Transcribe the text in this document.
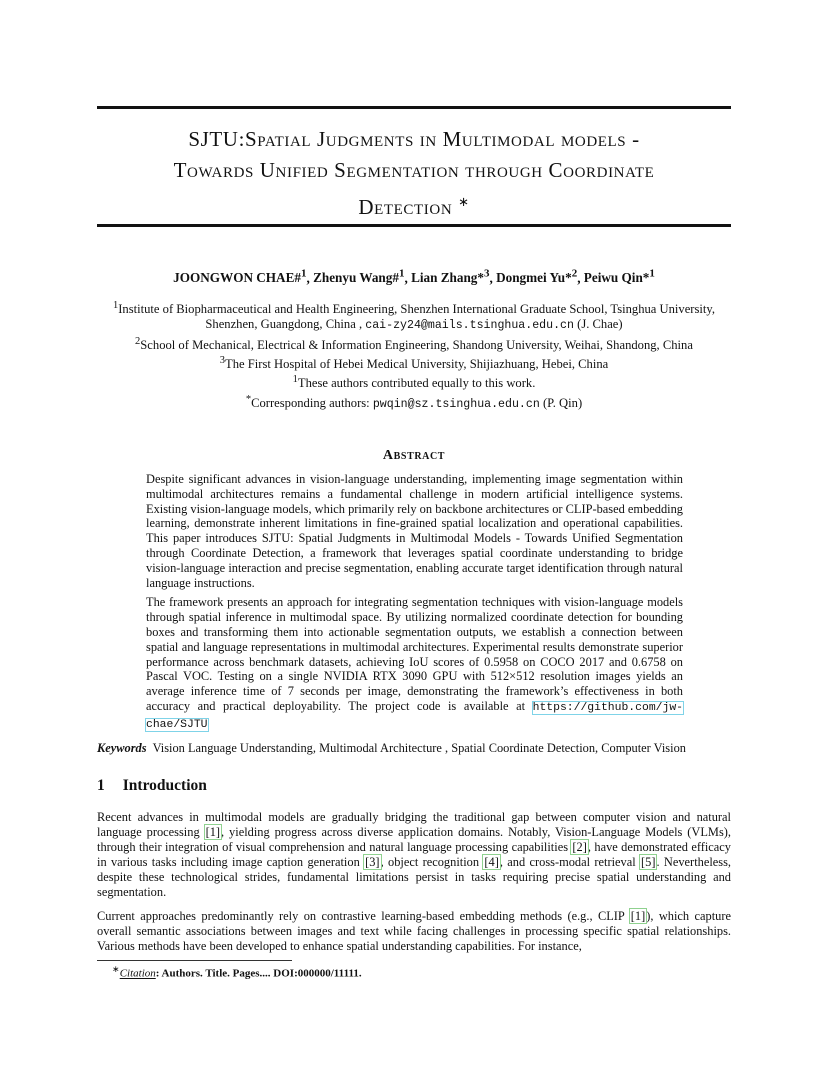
SJTU:Spatial Judgments in Multimodal models -
Towards Unified Segmentation through Coordinate
Detection ∗
JOONGWON CHAE#$^1$, Zhenyu Wang#$^1$, Lian Zhang*$^3$, Dongmei Yu*$^2$, Peiwu Qin*$^1$
$^1$Institute of Biopharmaceutical and Health Engineering, Shenzhen International Graduate School, Tsinghua University,
Shenzhen, Guangdong, China , cai-zy24@mails.tsinghua.edu.cn (J. Chae)
$^2$School of Mechanical, Electrical & Information Engineering, Shandong University, Weihai, Shandong, China
$^3$The First Hospital of Hebei Medical University, Shijiazhuang, Hebei, China
$^1$These authors contributed equally to this work.
*Corresponding authors: pwqin@sz.tsinghua.edu.cn (P. Qin)
Abstract

Despite significant advances in vision-language understanding, implementing image segmentation within multimodal architectures remains a fundamental challenge in modern artificial intelligence systems. Existing vision-language models, which primarily rely on backbone architectures or CLIP-based embedding learning, demonstrate inherent limitations in fine-grained spatial localization and operational capabilities. This paper introduces SJTU: Spatial Judgments in Multimodal Models - Towards Unified Segmentation through Coordinate Detection, a framework that leverages spatial coordinate understanding to bridge vision-language interaction and precise segmentation, enabling accurate target identification through natural language instructions.

The framework presents an approach for integrating segmentation techniques with vision-language models through spatial inference in multimodal space. By utilizing normalized coordinate detection for bounding boxes and transforming them into actionable segmentation outputs, we establish a connection between spatial and language representations in multimodal architectures. Experimental results demonstrate superior performance across benchmark datasets, achieving IoU scores of 0.5958 on COCO 2017 and 0.6758 on Pascal VOC. Testing on a single NVIDIA RTX 3090 GPU with 512×512 resolution images yields an average inference time of 7 seconds per image, demonstrating the framework’s effectiveness in both accuracy and practical deployability. The project code is available at https://github.com/jw-chae/SJTU

Keywords Vision Language Understanding, Multimodal Architecture , Spatial Coordinate Detection, Computer Vision
1 Introduction

Recent advances in multimodal models are gradually bridging the traditional gap between computer vision and natural language processing [1], yielding progress across diverse application domains. Notably, Vision-Language Models (VLMs), through their integration of visual comprehension and natural language processing capabilities [2], have demonstrated efficacy in various tasks including image caption generation [3], object recognition [4], and cross-modal retrieval [5]. Nevertheless, despite these technological strides, fundamental limitations persist in tasks requiring precise spatial understanding and segmentation.

Current approaches predominantly rely on contrastive learning-based embedding methods (e.g., CLIP [1]), which capture overall semantic associations between images and text while facing challenges in processing specific spatial relationships. Various methods have been developed to enhance spatial understanding capabilities. For instance,

∗Citation: Authors. Title. Pages.... DOI:000000/11111.
